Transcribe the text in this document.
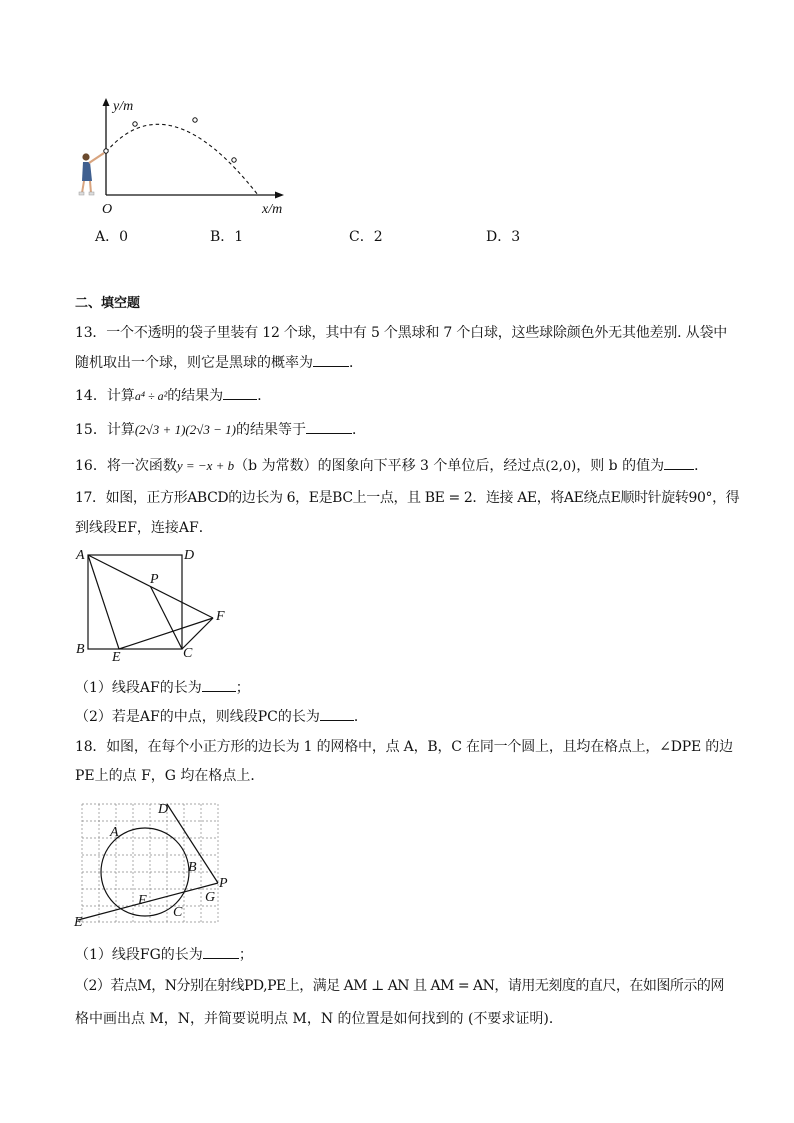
y/m
x/m
O
A．0	B．1	C．2	D．3
二、填空题
13．一个不透明的袋子里装有 12 个球，其中有 5 个黑球和 7 个白球，这些球除颜色外无其他差别. 从袋中
随机取出一个球，则它是黑球的概率为	．
14．计算a⁴ ÷ a²的结果为 ．
15．计算(2√3 + 1)(2√3 − 1)的结果等于	．
16．将一次函数y = −x + b（b 为常数）的图象向下平移 3 个单位后，经过点(2,0)，则 b 的值为 ．
17．如图，正方形ABCD的边长为 6，E是BC上一点，且 BE = 2．连接 AE，将AE绕点E顺时针旋转90°，得
到线段EF，连接AF．
A	D
P
F
B
E	C
（1）线段AF的长为 ；
（2）若是AF的中点，则线段PC的长为 ．
18．如图，在每个小正方形的边长为 1 的网格中，点 A，B，C 在同一个圆上，且均在格点上，∠DPE 的边
PE上的点 F，G 均在格点上．
D
A
B
P
G
F
C
E
（1）线段FG的长为	；
（2）若点M，N分别在射线PD,PE上，满足 AM ⊥ AN 且 AM = AN，请用无刻度的直尺，在如图所示的网
格中画出点 M，N，并简要说明点 M，N 的位置是如何找到的 (不要求证明)．
